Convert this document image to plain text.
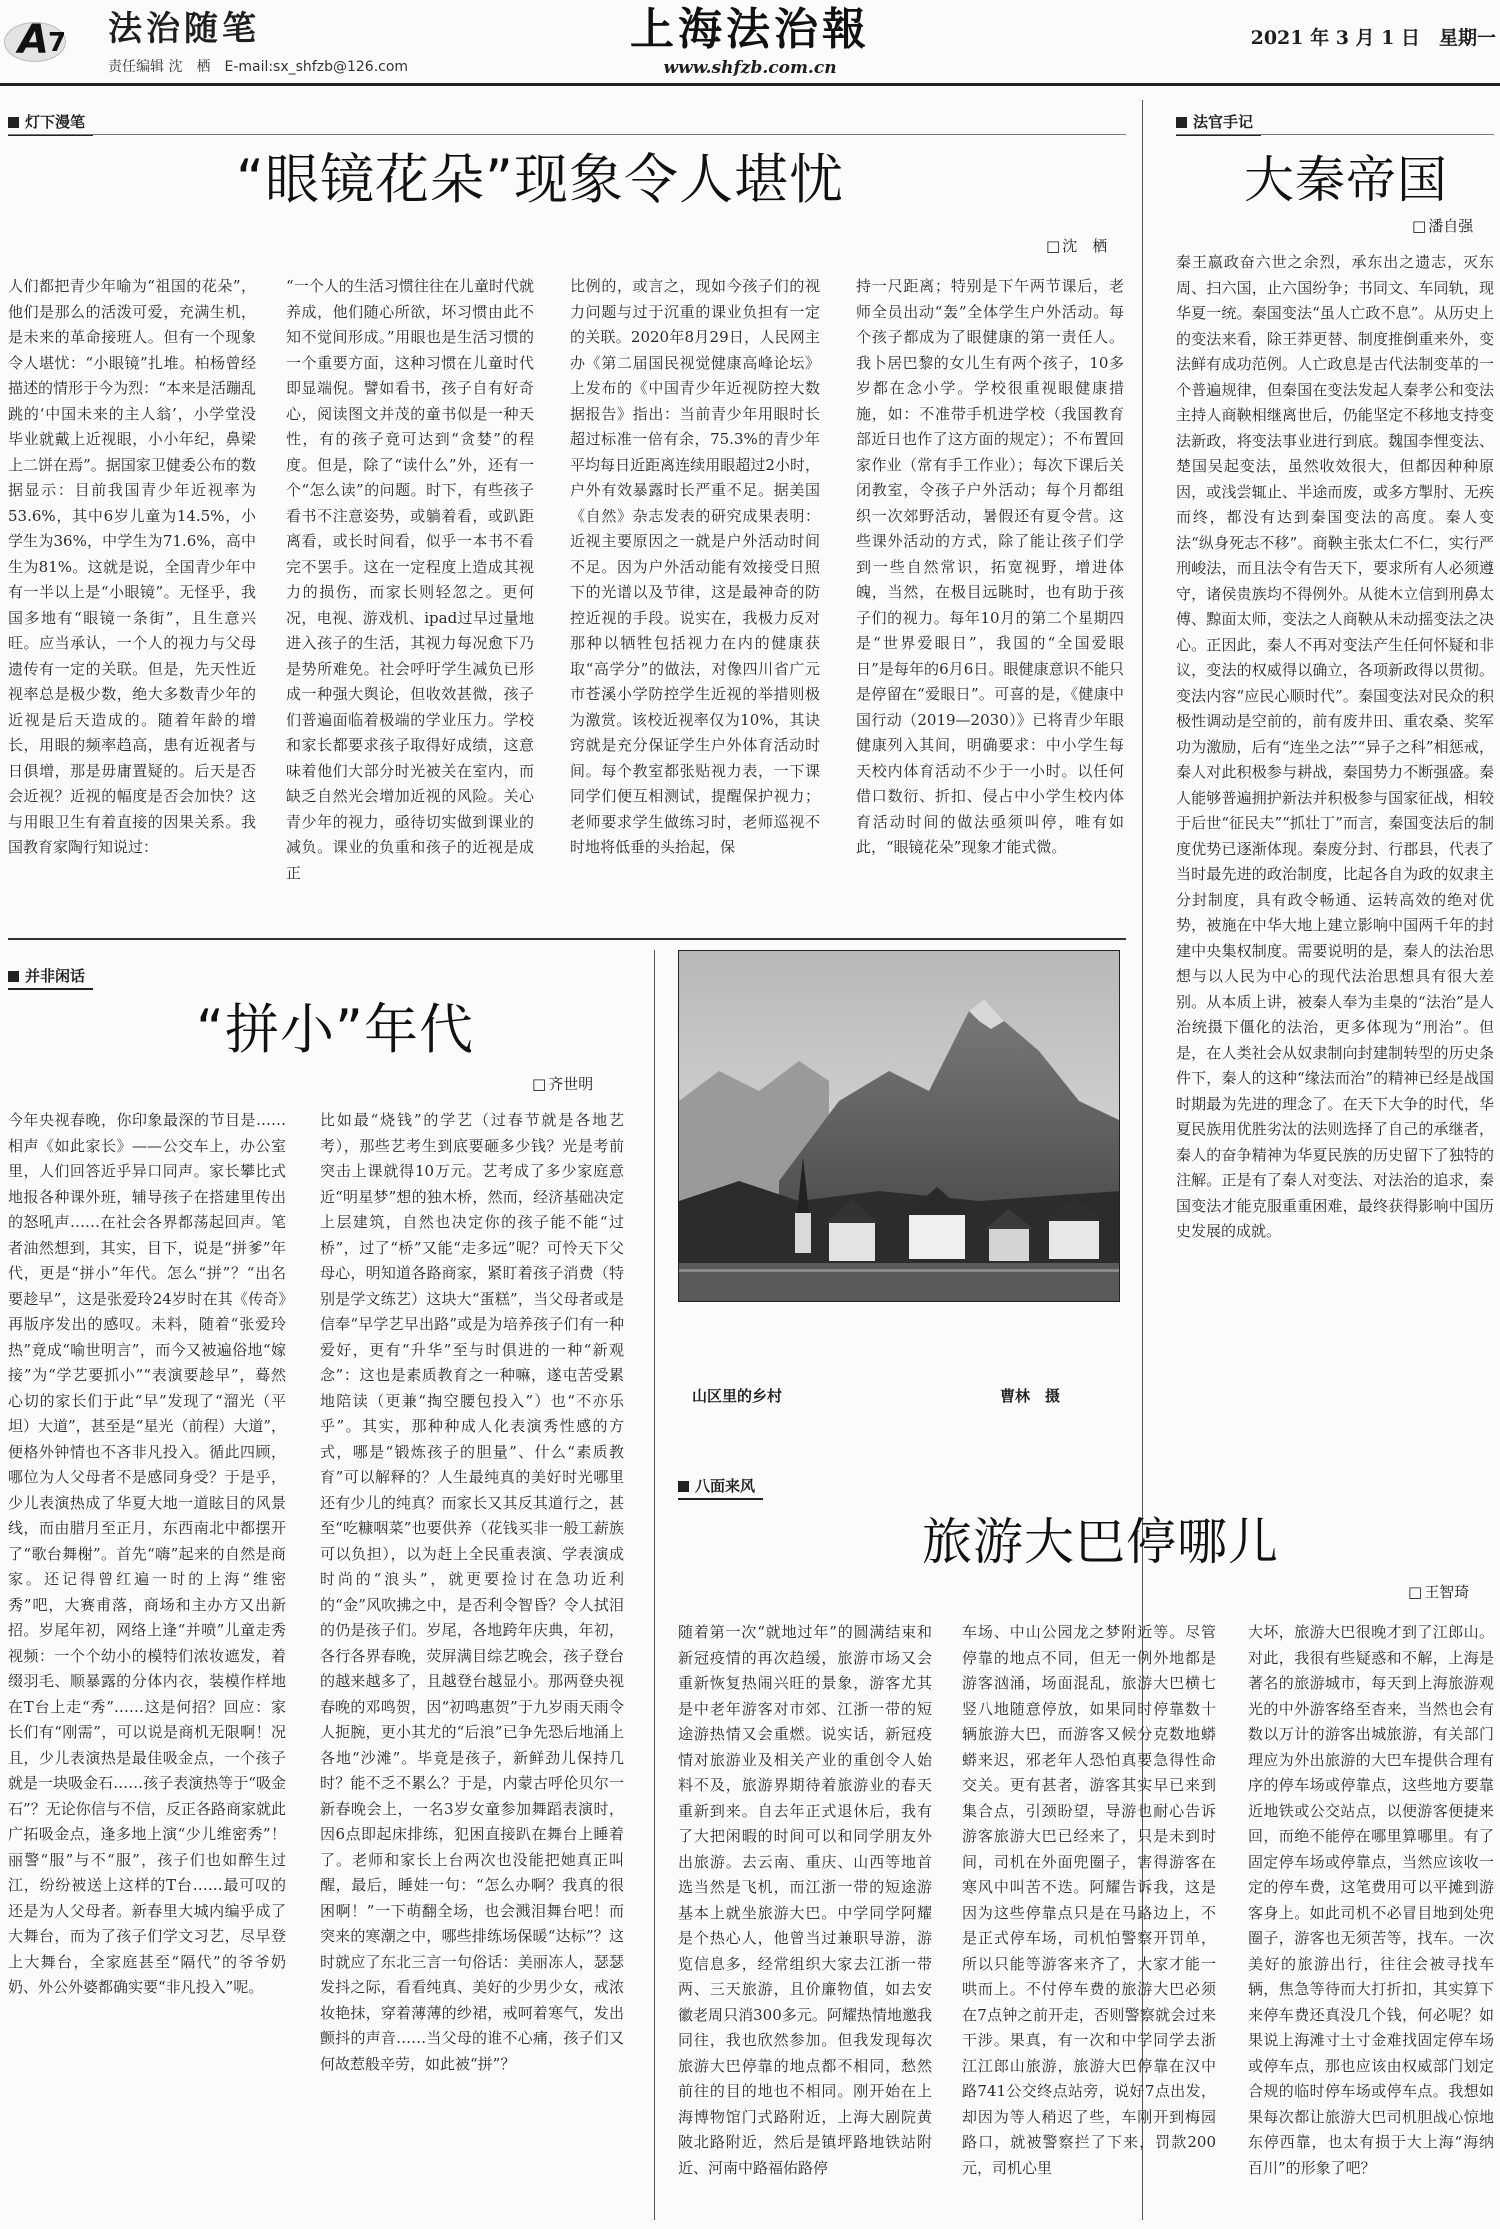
A 7 法治随笔
责任编辑 沈　栖　E-mail:sx_shfzb@126.com
上海法治報
www.shfzb.com.cn
2021 年 3 月 1 日　星期一
灯下漫笔
“眼镜花朵”现象令人堪忧
□ 沈　栖
人们都把青少年喻为“祖国的花朵”，他们是那么的活泼可爱，充满生机，是未来的革命接班人。但有一个现象令人堪忧：“小眼镜”扎堆。柏杨曾经描述的情形于今为烈：“本来是活蹦乱跳的‘中国未来的主人翁’，小学堂没毕业就戴上近视眼，小小年纪，鼻梁上二饼在焉”。据国家卫健委公布的数据显示：目前我国青少年近视率为53.6%，其中6岁儿童为14.5%，小学生为36%，中学生为71.6%，高中生为81%。这就是说，全国青少年中有一半以上是“小眼镜”。无怪乎，我国多地有“眼镜一条街”，且生意兴旺。应当承认，一个人的视力与父母遗传有一定的关联。但是，先天性近视率总是极少数，绝大多数青少年的近视是后天造成的。随着年龄的增长，用眼的频率趋高，患有近视者与日俱增，那是毋庸置疑的。后天是否会近视？近视的幅度是否会加快？这与用眼卫生有着直接的因果关系。我国教育家陶行知说过：
“一个人的生活习惯往往在儿童时代就养成，他们随心所欲，坏习惯由此不知不觉间形成。”用眼也是生活习惯的一个重要方面，这种习惯在儿童时代即显端倪。譬如看书，孩子自有好奇心，阅读图文并茂的童书似是一种天性，有的孩子竟可达到“贪婪”的程度。但是，除了“读什么”外，还有一个“怎么读”的问题。时下，有些孩子看书不注意姿势，或躺着看，或趴距离看，或长时间看，似乎一本书不看完不罢手。这在一定程度上造成其视力的损伤，而家长则轻忽之。更何况，电视、游戏机、ipad过早过量地进入孩子的生活，其视力每况愈下乃是势所难免。社会呼吁学生减负已形成一种强大舆论，但收效甚微，孩子们普遍面临着极端的学业压力。学校和家长都要求孩子取得好成绩，这意味着他们大部分时光被关在室内，而缺乏自然光会增加近视的风险。关心青少年的视力，亟待切实做到课业的减负。课业的负重和孩子的近视是成正
比例的，或言之，现如今孩子们的视力问题与过于沉重的课业负担有一定的关联。2020年8月29日，人民网主办《第二届国民视觉健康高峰论坛》上发布的《中国青少年近视防控大数据报告》指出：当前青少年用眼时长超过标准一倍有余，75.3%的青少年平均每日近距离连续用眼超过2小时，户外有效暴露时长严重不足。据美国《自然》杂志发表的研究成果表明：近视主要原因之一就是户外活动时间不足。因为户外活动能有效接受日照下的光谱以及节律，这是最神奇的防控近视的手段。说实在，我极力反对那种以牺牲包括视力在内的健康获取“高学分”的做法，对像四川省广元市苍溪小学防控学生近视的举措则极为激赏。该校近视率仅为10%，其诀窍就是充分保证学生户外体育活动时间。每个教室都张贴视力表，一下课同学们便互相测试，提醒保护视力；老师要求学生做练习时，老师巡视不时地将低垂的头抬起，保
持一尺距离；特别是下午两节课后，老师全员出动“轰”全体学生户外活动。每个孩子都成为了眼健康的第一责任人。我卜居巴黎的女儿生有两个孩子，10多岁都在念小学。学校很重视眼健康措施，如：不准带手机进学校（我国教育部近日也作了这方面的规定）；不布置回家作业（常有手工作业）；每次下课后关闭教室，令孩子户外活动；每个月都组织一次郊野活动，暑假还有夏令营。这些课外活动的方式，除了能让孩子们学到一些自然常识，拓宽视野，增进体魄，当然，在极目远眺时，也有助于孩子们的视力。每年10月的第二个星期四是“世界爱眼日”，我国的“全国爱眼日”是每年的6月6日。眼健康意识不能只是停留在“爱眼日”。可喜的是，《健康中国行动（2019—2030）》已将青少年眼健康列入其间，明确要求：中小学生每天校内体育活动不少于一小时。以任何借口数衍、折扣、侵占中小学生校内体育活动时间的做法亟须叫停，唯有如此，“眼镜花朵”现象才能式微。
法官手记
大秦帝国
□ 潘自强
秦王嬴政奋六世之余烈，承东出之遗志，灭东周、扫六国，止六国纷争；书同文、车同轨，现华夏一统。秦国变法“虽人亡政不息”。从历史上的变法来看，除王莽更替、制度推倒重来外，变法鲜有成功范例。人亡政息是古代法制变革的一个普遍规律，但秦国在变法发起人秦孝公和变法主持人商鞅相继离世后，仍能坚定不移地支持变法新政，将变法事业进行到底。魏国李悝变法、楚国吴起变法，虽然收效很大，但都因种种原因，或浅尝辄止、半途而废，或多方掣肘、无疾而终，都没有达到秦国变法的高度。秦人变法“纵身死志不移”。商鞅主张太仁不仁，实行严刑峻法，而且法令有告天下，要求所有人必须遵守，诸侯贵族均不得例外。从徙木立信到刑鼻太傅、黥面太师，变法之人商鞅从未动摇变法之决心。正因此，秦人不再对变法产生任何怀疑和非议，变法的权威得以确立，各项新政得以贯彻。变法内容“应民心顺时代”。秦国变法对民众的积极性调动是空前的，前有废井田、重农桑、奖军功为激励，后有“连坐之法”“异子之科”相惩戒，秦人对此积极参与耕战，秦国势力不断强盛。秦人能够普遍拥护新法并积极参与国家征战，相较于后世“征民夫”“抓壮丁”而言，秦国变法后的制度优势已逐渐体现。秦废分封、行郡县，代表了当时最先进的政治制度，比起各自为政的奴隶主分封制度，具有政令畅通、运转高效的绝对优势，被施在中华大地上建立影响中国两千年的封建中央集权制度。需要说明的是，秦人的法治思想与以人民为中心的现代法治思想具有很大差别。从本质上讲，被秦人奉为圭臬的“法治”是人治统摄下僵化的法治，更多体现为“刑治”。但是，在人类社会从奴隶制向封建制转型的历史条件下，秦人的这种“缘法而治”的精神已经是战国时期最为先进的理念了。在天下大争的时代，华夏民族用优胜劣汰的法则选择了自己的承继者，秦人的奋争精神为华夏民族的历史留下了独特的注解。正是有了秦人对变法、对法治的追求，秦国变法才能克服重重困难，最终获得影响中国历史发展的成就。
并非闲话
“拼小”年代
□ 齐世明
今年央视春晚，你印象最深的节目是……相声《如此家长》——公交车上，办公室里，人们回答近乎异口同声。家长攀比式地报各种课外班，辅导孩子在搭建里传出的怒吼声……在社会各界都荡起回声。笔者油然想到，其实，目下，说是“拼爹”年代，更是“拼小”年代。怎么“拼”？“出名要趁早”，这是张爱玲24岁时在其《传奇》再版序发出的感叹。未料，随着“张爱玲热”竟成“喻世明言”，而今又被遍俗地“嫁接”为“学艺要抓小”“表演要趁早”，蓦然心切的家长们于此“早”发现了“溜光（平坦）大道”，甚至是“星光（前程）大道”，便格外钟情也不吝非凡投入。循此四顾，哪位为人父母者不是感同身受？于是乎，少儿表演热成了华夏大地一道眩目的风景线，而由腊月至正月，东西南北中都摆开了“歌台舞榭”。首先“嗨”起来的自然是商家。还记得曾红遍一时的上海“维密秀”吧，大赛甫落，商场和主办方又出新招。岁尾年初，网络上逢“并喷”儿童走秀视频：一个个幼小的模特们浓妆遮发，着缀羽毛、顺暴露的分体内衣，装模作样地在T台上走“秀”……这是何招？回应：家长们有“刚需”，可以说是商机无限啊！况且，少儿表演热是最佳吸金点，一个孩子就是一块吸金石……孩子表演热等于“吸金石”？无论你信与不信，反正各路商家就此广拓吸金点，逢多地上演“少儿维密秀”！丽警“服”与不“服”，孩子们也如醉生过江，纷纷被送上这样的T台……最可叹的还是为人父母者。新春里大城内编乎成了大舞台，而为了孩子们学文习艺，尽早登上大舞台，全家庭甚至“隔代”的爷爷奶奶、外公外婆都确实要“非凡投入”呢。
比如最“烧钱”的学艺（过春节就是各地艺考），那些艺考生到底要砸多少钱？光是考前突击上课就得10万元。艺考成了多少家庭意近“明星梦”想的独木桥，然而，经济基础决定上层建筑，自然也决定你的孩子能不能“过桥”，过了“桥”又能“走多远”呢？可怜天下父母心，明知道各路商家，紧盯着孩子消费（特别是学文练艺）这块大“蛋糕”，当父母者或是信奉“早学艺早出路”或是为培养孩子们有一种爱好，更有“升华”至与时俱进的一种“新观念”：这也是素质教育之一种嘛，遂屯苦受累地陪读（更兼“掏空腰包投入”）也“不亦乐乎”。其实，那种种成人化表演秀性感的方式，哪是“锻炼孩子的胆量”、什么“素质教育”可以解释的？人生最纯真的美好时光哪里还有少儿的纯真？而家长又其反其道行之，甚至“吃糠咽菜”也要供养（花钱买非一般工薪族可以负担），以为赶上全民重表演、学表演成时尚的“浪头”，就更要捡讨在急功近利的“金”风吹拂之中，是否利令智昏？令人拭泪的仍是孩子们。岁尾，各地跨年庆典，年初，各行各界春晚，荧屏满目综艺晚会，孩子登台的越来越多了，且越登台越显小。那两登央视春晚的邓鸣贺，因“初鸣惠贺”于九岁雨天雨令人扼腕，更小其尤的“后浪”已争先恐后地涌上各地“沙滩”。毕竟是孩子，新鲜劲儿保持几时？能不乏不累么？于是，内蒙古呼伦贝尔一新春晚会上，一名3岁女童参加舞蹈表演时，因6点即起床排练，犯困直接趴在舞台上睡着了。老师和家长上台两次也没能把她真正叫醒，最后，睡娃一句：“怎么办啊？我真的很困啊！”一下萌翻全场，也会溅泪舞台吧！而突来的寒潮之中，哪些排练场保暖“达标”？这时就应了东北三言一句俗话：美丽冻人，瑟瑟发抖之际，看看纯真、美好的少男少女，戒浓妆艳抹，穿着薄薄的纱裙，戒呵着寒气，发出颤抖的声音……当父母的谁不心痛，孩子们又何故惹般辛劳，如此被“拼”？
山区里的乡村	曹林　摄
八面来风
旅游大巴停哪儿
□ 王智琦
随着第一次“就地过年”的圆满结束和新冠疫情的再次趋缓，旅游市场又会重新恢复热闹兴旺的景象，游客尤其是中老年游客对市郊、江浙一带的短途游热情又会重燃。说实话，新冠疫情对旅游业及相关产业的重创令人始料不及，旅游界期待着旅游业的春天重新到来。自去年正式退休后，我有了大把闲暇的时间可以和同学朋友外出旅游。去云南、重庆、山西等地首选当然是飞机，而江浙一带的短途游基本上就坐旅游大巴。中学同学阿耀是个热心人，他曾当过兼职导游，游览信息多，经常组织大家去江浙一带两、三天旅游，且价廉物值，如去安徽老周只消300多元。阿耀热情地邀我同往，我也欣然参加。但我发现每次旅游大巴停靠的地点都不相同，愁然前往的目的地也不相同。刚开始在上海博物馆门式路附近，上海大剧院黄陂北路附近，然后是镇坪路地铁站附近、河南中路福佑路停
车场、中山公园龙之梦附近等。尽管停靠的地点不同，但无一例外地都是游客汹涌，场面混乱，旅游大巴横七竖八地随意停放，如果同时停靠数十辆旅游大巴，而游客又候分克数地蟒蟒来迟，邪老年人恐怕真要急得性命交关。更有甚者，游客其实早已来到集合点，引颈盼望，导游也耐心告诉游客旅游大巴已经来了，只是未到时间，司机在外面兜圈子，害得游客在寒风中叫苦不迭。阿耀告诉我，这是因为这些停靠点只是在马路边上，不是正式停车场，司机怕警察开罚单，所以只能等游客来齐了，大家才能一哄而上。不付停车费的旅游大巴必须在7点钟之前开走，否则警察就会过来干涉。果真，有一次和中学同学去浙江江郎山旅游，旅游大巴停靠在汉中路741公交终点站旁，说好7点出发，却因为等人稍迟了些，车刚开到梅园路口，就被警察拦了下来，罚款200元，司机心里
大坏，旅游大巴很晚才到了江郎山。对此，我很有些疑惑和不解，上海是著名的旅游城市，每天到上海旅游观光的中外游客络至杳来，当然也会有数以万计的游客出城旅游，有关部门理应为外出旅游的大巴车提供合理有序的停车场或停靠点，这些地方要靠近地铁或公交站点，以便游客便捷来回，而绝不能停在哪里算哪里。有了固定停车场或停靠点，当然应该收一定的停车费，这笔费用可以平摊到游客身上。如此司机不必冒目地到处兜圈子，游客也无须苦等，找车。一次美好的旅游出行，往往会被寻找车辆，焦急等待而大打折扣，其实算下来停车费还真没几个钱，何必呢？如果说上海滩寸土寸金难找固定停车场或停车点，那也应该由权威部门划定合规的临时停车场或停车点。我想如果每次都让旅游大巴司机胆战心惊地东停西靠，也太有损于大上海“海纳百川”的形象了吧？
